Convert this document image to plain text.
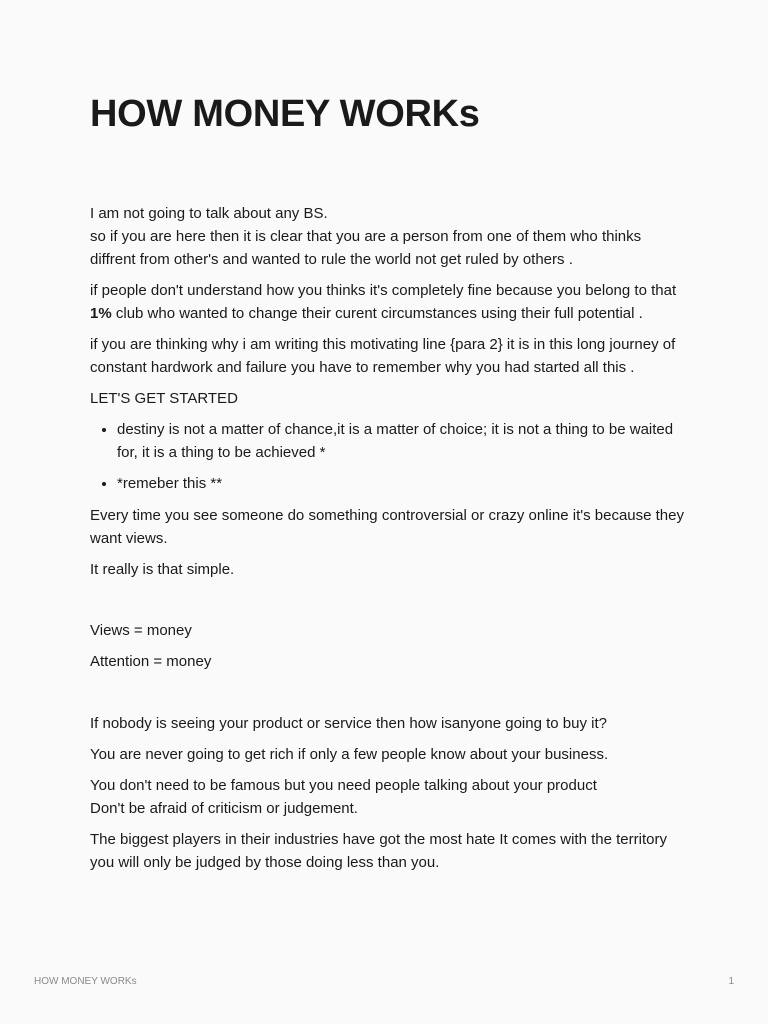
HOW MONEY WORKs

I am not going to talk about any BS.
so if you are here then it is clear that you are a person from one of them who thinks diffrent from other's and wanted to rule the world not get ruled by others .

if people don't understand how you thinks it's completely fine because you belong to that 1% club who wanted to change their curent circumstances using their full potential .

if you are thinking why i am writing this motivating line {para 2} it is in this long journey of constant hardwork and failure you have to remember why you had started all this .

LET'S GET STARTED

• destiny is not a matter of chance,it is a matter of choice; it is not a thing to be waited for, it is a thing to be achieved *
• *remeber this **

Every time you see someone do something controversial or crazy online it's because they want views.

It really is that simple.

Views = money

Attention = money

If nobody is seeing your product or service then how isanyone going to buy it?

You are never going to get rich if only a few people know about your business.

You don't need to be famous but you need people talking about your product
Don't be afraid of criticism or judgement.

The biggest players in their industries have got the most hate It comes with the territory you will only be judged by those doing less than you.

HOW MONEY WORKs	1
